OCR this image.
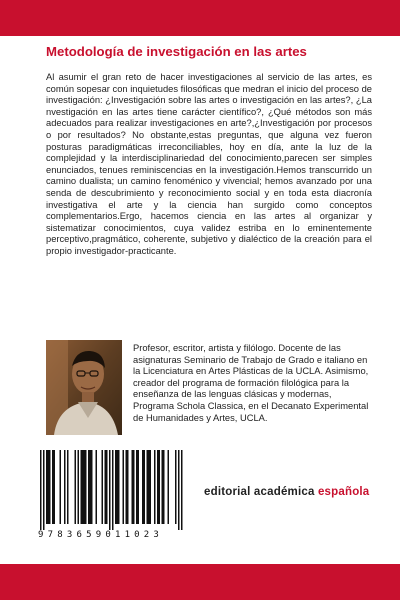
Metodología de investigación en las artes

Al asumir el gran reto de hacer investigaciones al servicio de las artes, es común sopesar con inquietudes filosóficas que medran el inicio del proceso de investigación: ¿Investigación sobre las artes o investigación en las artes?, ¿La nvestigación en las artes tiene carácter científico?, ¿Qué métodos son más adecuados para realizar investigaciones en arte?,¿Investigación por procesos o por resultados? No obstante,estas preguntas, que alguna vez fueron posturas paradigmáticas irreconciliables, hoy en día, ante la luz de la complejidad y la interdisciplinariedad del conocimiento,parecen ser simples enunciados, tenues reminiscencias en la investigación.Hemos transcurrido un camino dualista; un camino fenoménico y vivencial; hemos avanzado por una senda de descubrimiento y reconocimiento social y en toda esta diacronía investigativa el arte y la ciencia han surgido como conceptos complementarios.Ergo, hacemos ciencia en las artes al organizar y sistematizar conocimientos, cuya validez estriba en lo eminentemente perceptivo,pragmático, coherente, subjetivo y dialéctico de la creación para el propio investigador-practicante.

Profesor, escritor, artista y filólogo. Docente de las asignaturas Seminario de Trabajo de Grado e italiano en la Licenciatura en Artes Plásticas de la UCLA. Asimismo, creador del programa de formación filológica para la enseñanza de las lenguas clásicas y modernas, Programa Schola Classica, en el Decanato Experimental de Humanidades y Artes, UCLA.

9783659011023
editorial académica española
